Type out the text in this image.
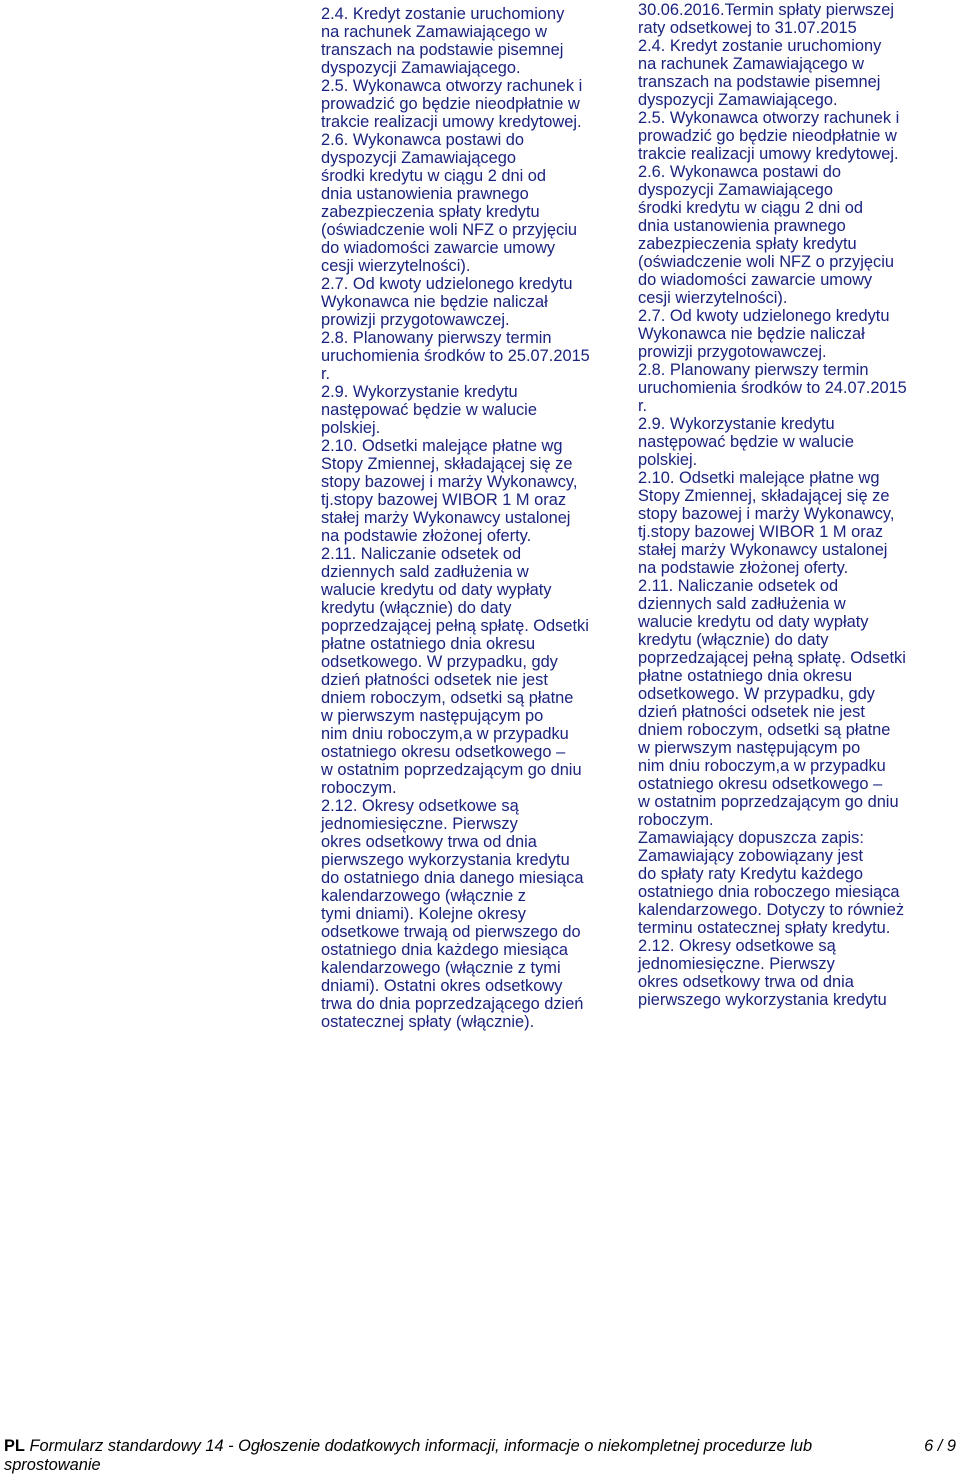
2.4. Kredyt zostanie uruchomiony
na rachunek Zamawiającego w
transzach na podstawie pisemnej
dyspozycji Zamawiającego.
2.5. Wykonawca otworzy rachunek i
prowadzić go będzie nieodpłatnie w
trakcie realizacji umowy kredytowej.
2.6. Wykonawca postawi do
dyspozycji Zamawiającego
środki kredytu w ciągu 2 dni od
dnia ustanowienia prawnego
zabezpieczenia spłaty kredytu
(oświadczenie woli NFZ o przyjęciu
do wiadomości zawarcie umowy
cesji wierzytelności).
2.7. Od kwoty udzielonego kredytu
Wykonawca nie będzie naliczał
prowizji przygotowawczej.
2.8. Planowany pierwszy termin
uruchomienia środków to 25.07.2015
r.
2.9. Wykorzystanie kredytu
następować będzie w walucie
polskiej.
2.10. Odsetki malejące płatne wg
Stopy Zmiennej, składającej się ze
stopy bazowej i marży Wykonawcy,
tj.stopy bazowej WIBOR 1 M oraz
stałej marży Wykonawcy ustalonej
na podstawie złożonej oferty.
2.11. Naliczanie odsetek od
dziennych sald zadłużenia w
walucie kredytu od daty wypłaty
kredytu (włącznie) do daty
poprzedzającej pełną spłatę. Odsetki
płatne ostatniego dnia okresu
odsetkowego. W przypadku, gdy
dzień płatności odsetek nie jest
dniem roboczym, odsetki są płatne
w pierwszym następującym po
nim dniu roboczym,a w przypadku
ostatniego okresu odsetkowego –
w ostatnim poprzedzającym go dniu
roboczym.
2.12. Okresy odsetkowe są
jednomiesięczne. Pierwszy
okres odsetkowy trwa od dnia
pierwszego wykorzystania kredytu
do ostatniego dnia danego miesiąca
kalendarzowego (włącznie z
tymi dniami). Kolejne okresy
odsetkowe trwają od pierwszego do
ostatniego dnia każdego miesiąca
kalendarzowego (włącznie z tymi
dniami). Ostatni okres odsetkowy
trwa do dnia poprzedzającego dzień
ostatecznej spłaty (włącznie).
30.06.2016.Termin spłaty pierwszej
raty odsetkowej to 31.07.2015
2.4. Kredyt zostanie uruchomiony
na rachunek Zamawiającego w
transzach na podstawie pisemnej
dyspozycji Zamawiającego.
2.5. Wykonawca otworzy rachunek i
prowadzić go będzie nieodpłatnie w
trakcie realizacji umowy kredytowej.
2.6. Wykonawca postawi do
dyspozycji Zamawiającego
środki kredytu w ciągu 2 dni od
dnia ustanowienia prawnego
zabezpieczenia spłaty kredytu
(oświadczenie woli NFZ o przyjęciu
do wiadomości zawarcie umowy
cesji wierzytelności).
2.7. Od kwoty udzielonego kredytu
Wykonawca nie będzie naliczał
prowizji przygotowawczej.
2.8. Planowany pierwszy termin
uruchomienia środków to 24.07.2015
r.
2.9. Wykorzystanie kredytu
następować będzie w walucie
polskiej.
2.10. Odsetki malejące płatne wg
Stopy Zmiennej, składającej się ze
stopy bazowej i marży Wykonawcy,
tj.stopy bazowej WIBOR 1 M oraz
stałej marży Wykonawcy ustalonej
na podstawie złożonej oferty.
2.11. Naliczanie odsetek od
dziennych sald zadłużenia w
walucie kredytu od daty wypłaty
kredytu (włącznie) do daty
poprzedzającej pełną spłatę. Odsetki
płatne ostatniego dnia okresu
odsetkowego. W przypadku, gdy
dzień płatności odsetek nie jest
dniem roboczym, odsetki są płatne
w pierwszym następującym po
nim dniu roboczym,a w przypadku
ostatniego okresu odsetkowego –
w ostatnim poprzedzającym go dniu
roboczym.
Zamawiający dopuszcza zapis:
Zamawiający zobowiązany jest
do spłaty raty Kredytu każdego
ostatniego dnia roboczego miesiąca
kalendarzowego. Dotyczy to również
terminu ostatecznej spłaty kredytu.
2.12. Okresy odsetkowe są
jednomiesięczne. Pierwszy
okres odsetkowy trwa od dnia
pierwszego wykorzystania kredytu
PL Formularz standardowy 14 - Ogłoszenie dodatkowych informacji, informacje o niekompletnej procedurze lub
sprostowanie
6 / 9
